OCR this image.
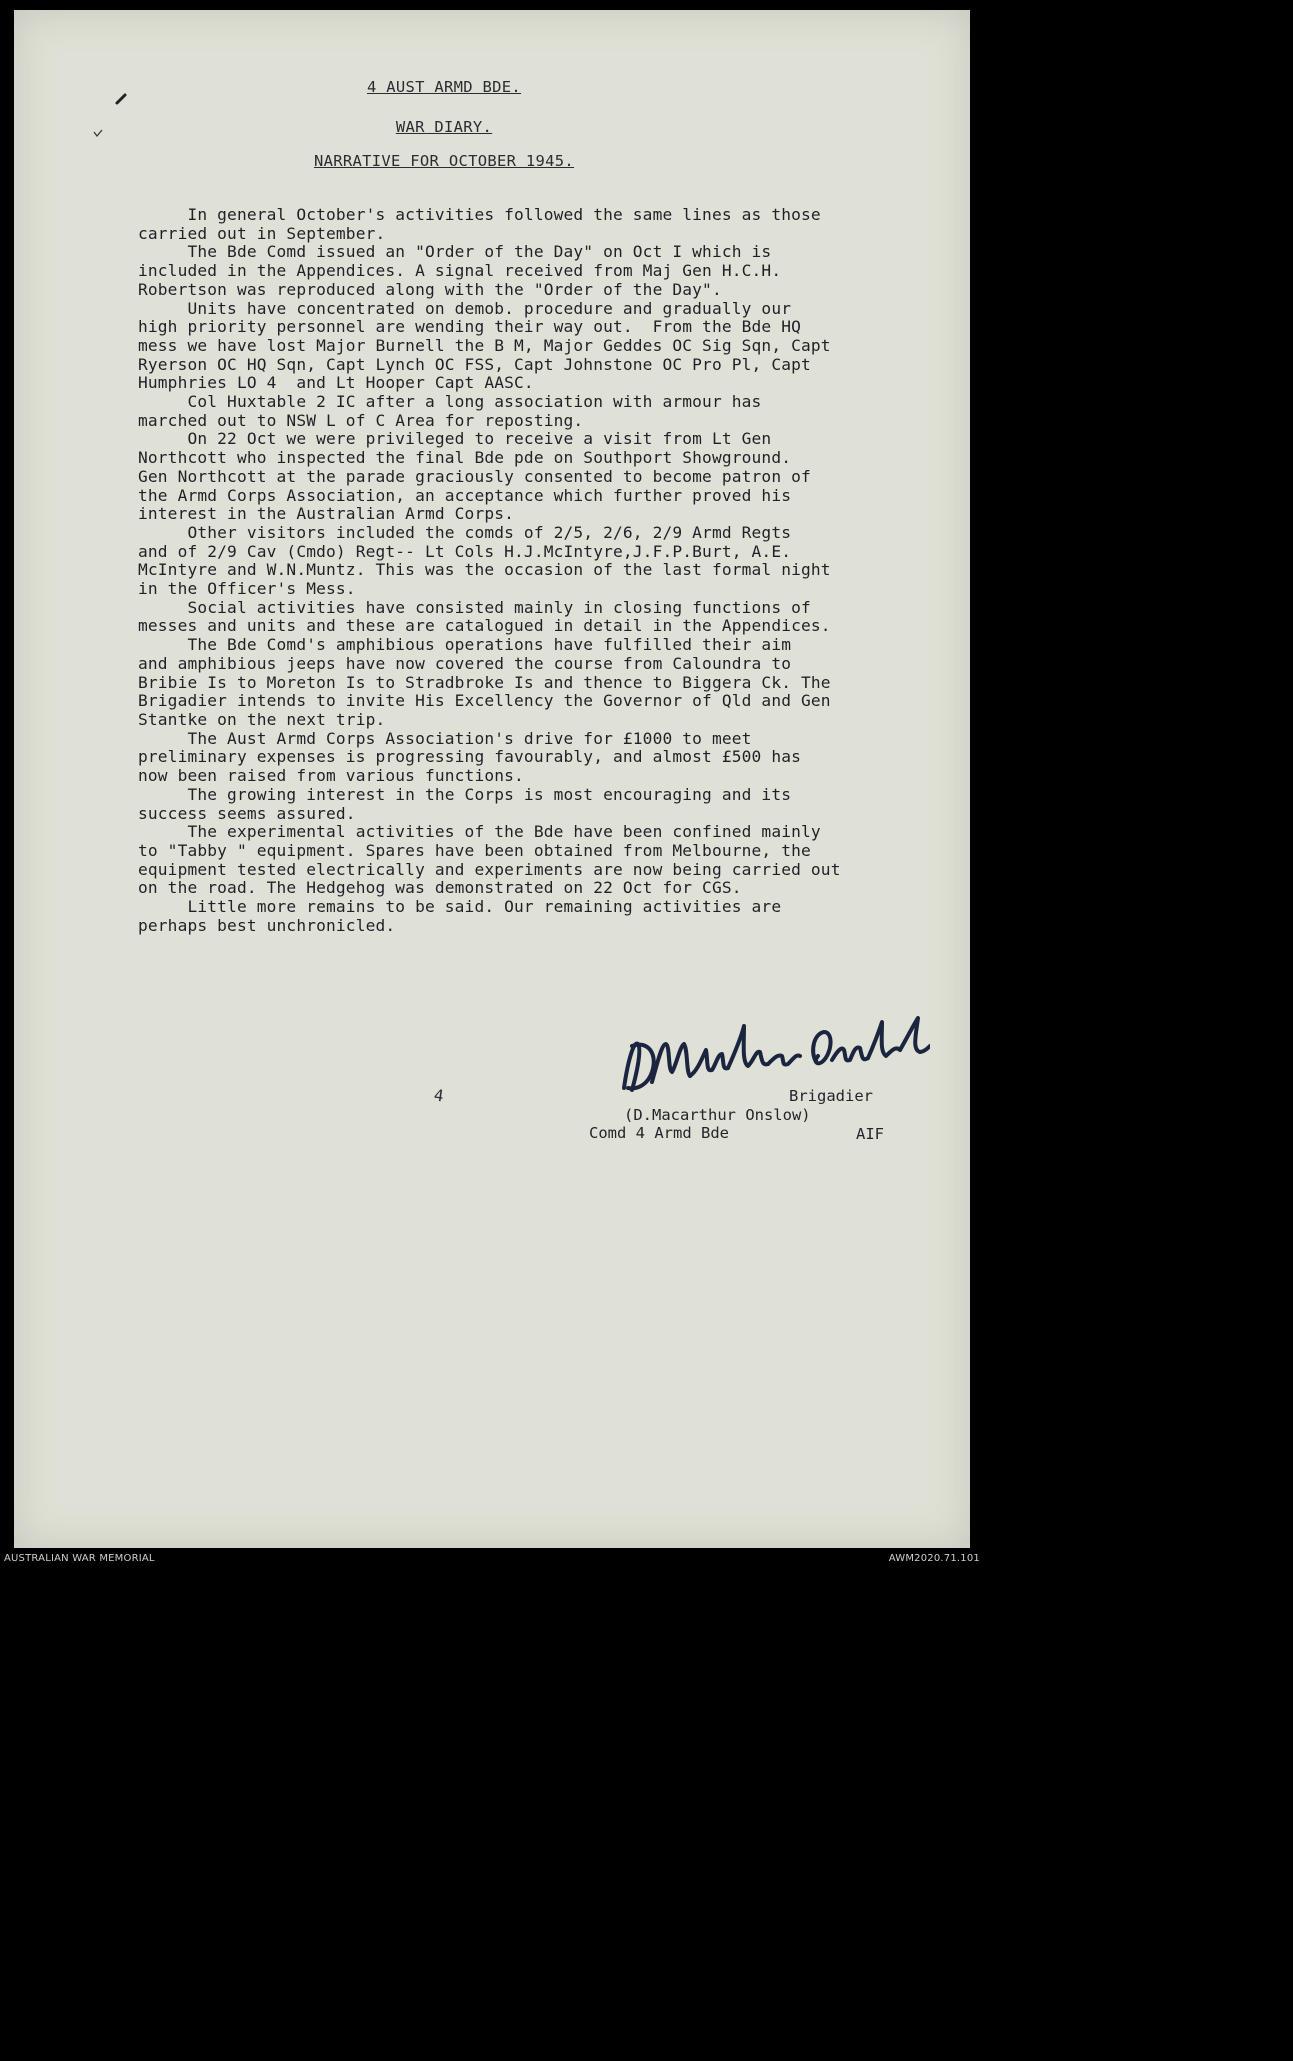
4 AUST ARMD BDE.
WAR DIARY.
NARRATIVE FOR OCTOBER 1945.
In general October's activities followed the same lines as those
carried out in September.
The Bde Comd issued an "Order of the Day" on Oct I which is
included in the Appendices. A signal received from Maj Gen H.C.H.
Robertson was reproduced along with the "Order of the Day".
Units have concentrated on demob. procedure and gradually our
high priority personnel are wending their way out.  From the Bde HQ
mess we have lost Major Burnell the B M, Major Geddes OC Sig Sqn, Capt
Ryerson OC HQ Sqn, Capt Lynch OC FSS, Capt Johnstone OC Pro Pl, Capt
Humphries LO 4  and Lt Hooper Capt AASC.
Col Huxtable 2 IC after a long association with armour has
marched out to NSW L of C Area for reposting.
On 22 Oct we were privileged to receive a visit from Lt Gen
Northcott who inspected the final Bde pde on Southport Showground.
Gen Northcott at the parade graciously consented to become patron of
the Armd Corps Association, an acceptance which further proved his
interest in the Australian Armd Corps.
Other visitors included the comds of 2/5, 2/6, 2/9 Armd Regts
and of 2/9 Cav (Cmdo) Regt-- Lt Cols H.J.McIntyre,J.F.P.Burt, A.E.
McIntyre and W.N.Muntz. This was the occasion of the last formal night
in the Officer's Mess.
Social activities have consisted mainly in closing functions of
messes and units and these are catalogued in detail in the Appendices.
The Bde Comd's amphibious operations have fulfilled their aim
and amphibious jeeps have now covered the course from Caloundra to
Bribie Is to Moreton Is to Stradbroke Is and thence to Biggera Ck. The
Brigadier intends to invite His Excellency the Governor of Qld and Gen
Stantke on the next trip.
The Aust Armd Corps Association's drive for £1000 to meet
preliminary expenses is progressing favourably, and almost £500 has
now been raised from various functions.
The growing interest in the Corps is most encouraging and its
success seems assured.
The experimental activities of the Bde have been confined mainly
to "Tabby " equipment. Spares have been obtained from Melbourne, the
equipment tested electrically and experiments are now being carried out
on the road. The Hedgehog was demonstrated on 22 Oct for CGS.
Little more remains to be said. Our remaining activities are
perhaps best unchronicled.
Brigadier
(D.Macarthur Onslow)
Comd 4 Armd Bde	AIF
4
AUSTRALIAN WAR MEMORIAL	AWM2020.71.101
